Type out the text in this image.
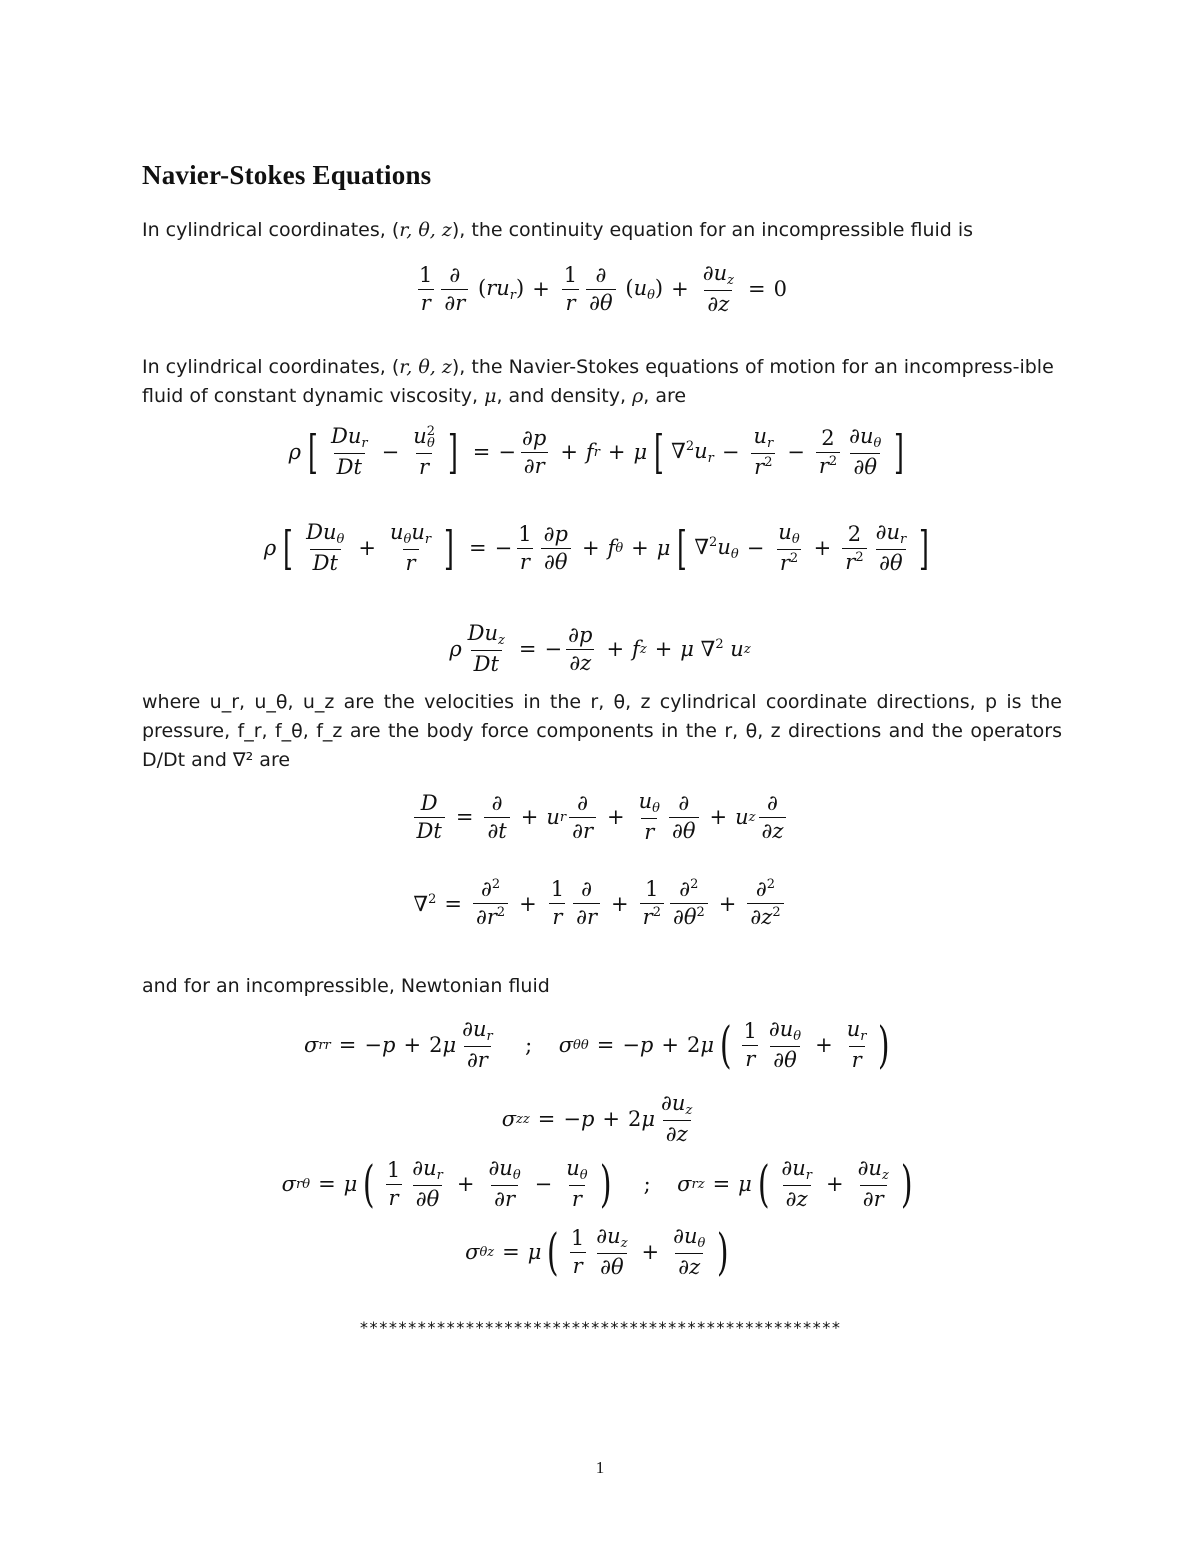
Navier-Stokes Equations
In cylindrical coordinates, (r, θ, z), the continuity equation for an incompressible fluid is
$\frac{1}{r} \frac{\partial}{\partial r} (ru_r) + \frac{1}{r} \frac{\partial}{\partial\theta} (u_\theta) + \frac{\partial u_z}{\partial z} = 0$
In cylindrical coordinates, (r, θ, z), the Navier-Stokes equations of motion for an incompress-ible fluid of constant dynamic viscosity, μ, and density, ρ, are
ρ [ $\frac{Du_r}{Dt} - \frac{u^2_\theta}{r}$ ] = − $\frac{\partial p}{\partial r} + f$ r + μ [ $\nabla^2u_r - \frac{u_r}{r^2} - \frac{2}{r^2} \frac{\partial u_\theta}{\partial\theta}$ ]
ρ [ $\frac{Du_\theta}{Dt} + \frac{u_\theta u_r}{r}$ ] = − $\frac{1}{r} \frac{\partial p}{\partial\theta} + f$ θ + μ [ $\nabla^2u_\theta - \frac{u_\theta}{r^2} + \frac{2}{r^2} \frac{\partial u_r}{\partial\theta}$ ]
ρ $\frac{Du_z}{Dt}$ = − $\frac{\partial p}{\partial z} + f$ z + μ
∇$^2$
u z
where u_r, u_θ, u_z are the velocities in the r, θ, z cylindrical coordinate directions, p is the pressure, f_r, f_θ, f_z are the body force components in the r, θ, z directions and the operators D/Dt and ∇² are
$\frac{D}{Dt} = \frac{\partial}{\partial t} + u$ r $\frac{\partial}{\partial r} + \frac{u_\theta}{r} \frac{\partial}{\partial\theta} + u$ z $\frac{\partial}{\partial z}$
$\nabla^2 = \frac{\partial^2}{\partial r^2} + \frac{1}{r} \frac{\partial}{\partial r} + \frac{1}{r^2} \frac{\partial^2}{\partial\theta^2} + \frac{\partial^2}{\partial z^2}$
and for an incompressible, Newtonian fluid
σ rr = $-p + 2\mu \frac{\partial u_r}{\partial r}$	;	σ θθ = −p + 2μ ( $\frac{1}{r} \frac{\partial u_\theta}{\partial\theta} + \frac{u_r}{r}$ )
σ zz = $-p + 2\mu \frac{\partial u_z}{\partial z}$
σ rθ = μ ( $\frac{1}{r} \frac{\partial u_r}{\partial\theta} + \frac{\partial u_\theta}{\partial r} - \frac{u_\theta}{r}$ )	;	σ rz = μ ( $\frac{\partial u_r}{\partial z} + \frac{\partial u_z}{\partial r}$ )
σ θz = μ ( $\frac{1}{r} \frac{\partial u_z}{\partial\theta} + \frac{\partial u_\theta}{\partial z}$ )
**************************************************
1
